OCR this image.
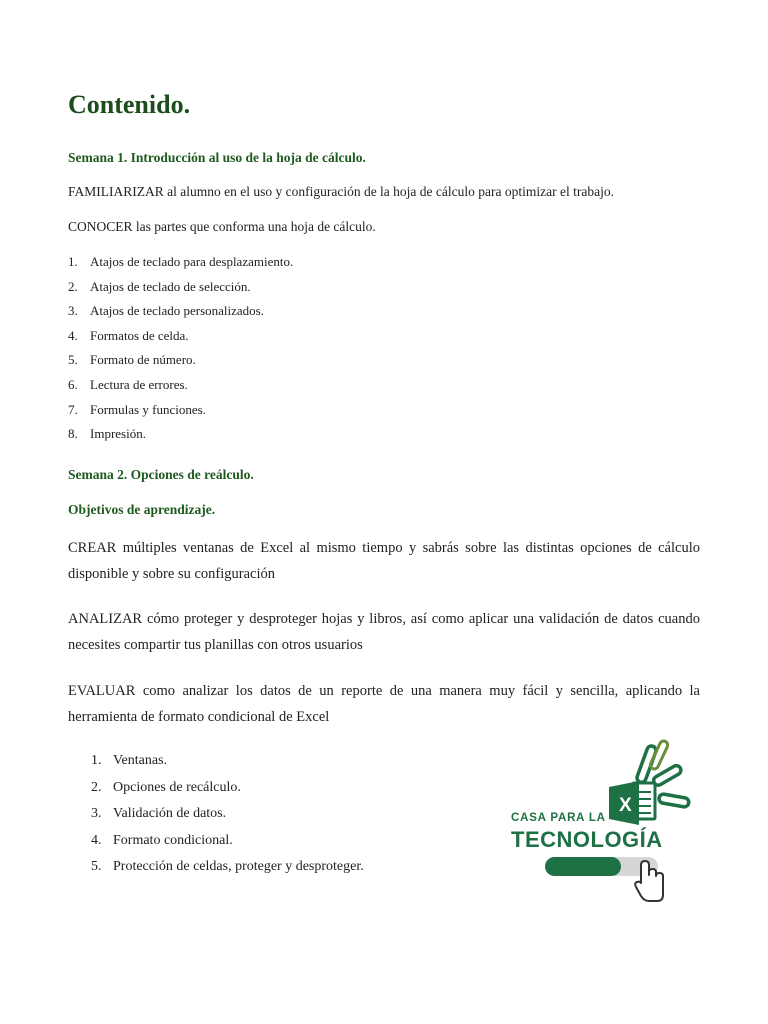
Contenido.

Semana 1. Introducción al uso de la hoja de cálculo.

FAMILIARIZAR al alumno en el uso y configuración de la hoja de cálculo para optimizar el trabajo.

CONOCER las partes que conforma una hoja de cálculo.

1. Atajos de teclado para desplazamiento.
2. Atajos de teclado de selección.
3. Atajos de teclado personalizados.
4. Formatos de celda.
5. Formato de número.
6. Lectura de errores.
7. Formulas y funciones.
8. Impresión.

Semana 2. Opciones de reálculo.

Objetivos de aprendizaje.

CREAR múltiples ventanas de Excel al mismo tiempo y sabrás sobre las distintas opciones de cálculo disponible y sobre su configuración

ANALIZAR cómo proteger y desproteger hojas y libros, así como aplicar una validación de datos cuando necesites compartir tus planillas con otros usuarios

EVALUAR como analizar los datos de un reporte de una manera muy fácil y sencilla, aplicando la herramienta de formato condicional de Excel

1. Ventanas.
2. Opciones de recálculo.
3. Validación de datos.
4. Formato condicional.
5. Protección de celdas, proteger y desproteger.
X
CASA PARA LA
TECNOLOGÍA
